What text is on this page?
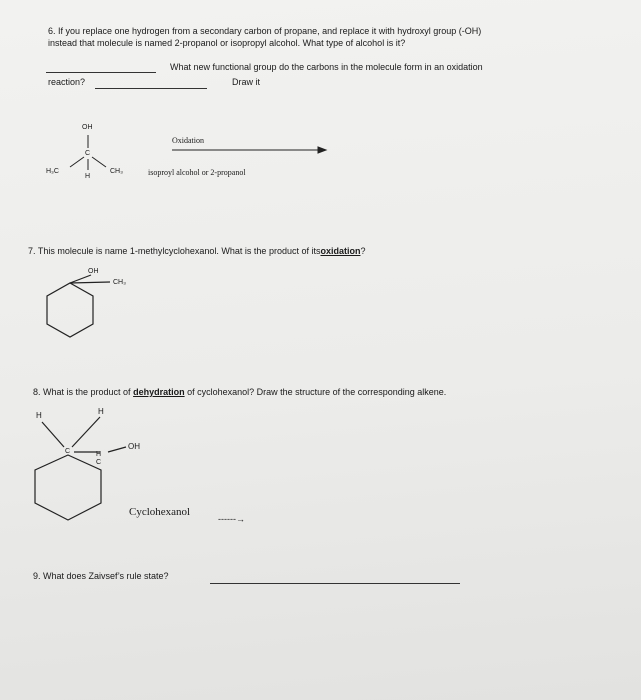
6. If you replace one hydrogen from a secondary carbon of propane, and replace it with hydroxyl group (-OH)
instead that molecule is named 2-propanol or isopropyl alcohol. What type of alcohol is it?
What new functional group do the carbons in the molecule form in an oxidation
reaction?	Draw it
OH
C
H₃C	CH₃
H
Oxidation
isoproyl alcohol or 2-propanol
7. This molecule is name 1-methylcyclohexanol. What is the product of itsoxidation?
OH
CH₃
8. What is the product of dehydration of cyclohexanol? Draw the structure of the corresponding alkene.
H	H
C	H
C
OH
Cyclohexanol
------→
9. What does Zaivsef’s rule state?
